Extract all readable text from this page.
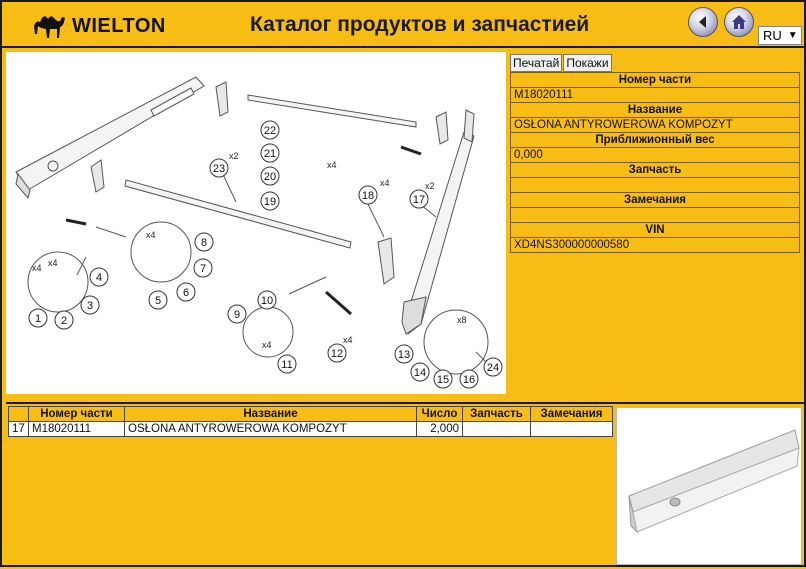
WIELTON	Каталог продуктов и запчастией	RU ▼
1 2
3
4
5
6
7
8
9
10
11
12	13
14
15 16
17
18
19
20
21
22
23
24
x4
x4
x4
x4
x4	x4
x8
x2
x2
x4
Печатай Покажи
Номер части
M18020111
Название
OSŁONA ANTYROWEROWA KOMPOZYT
Приближионный вес
0,000
Запчасть

Замечания

VIN
XD4NS300000000580
	Номер части	Название	Число	Запчасть	Замечания
17	M18020111	OSŁONA ANTYROWEROWA KOMPOZYT	2,000		
